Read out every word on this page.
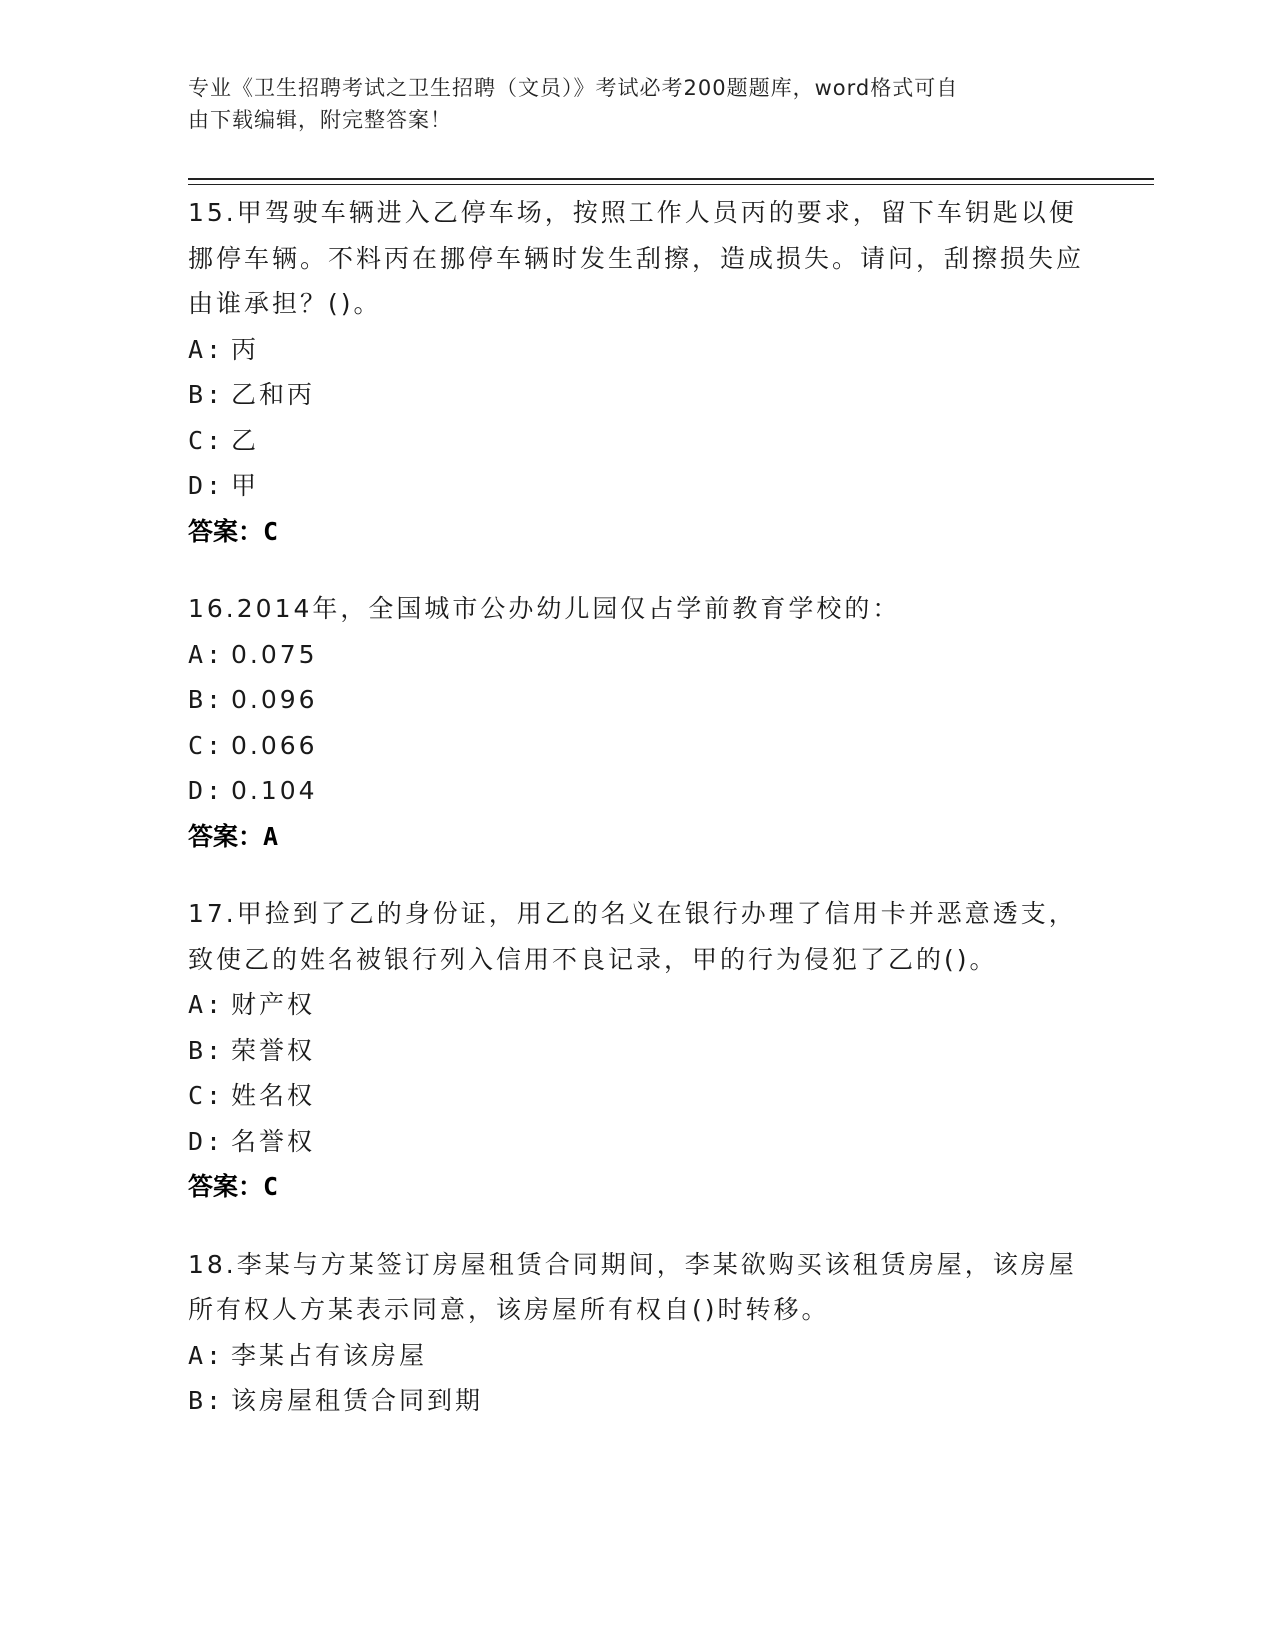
专业《卫生招聘考试之卫生招聘（文员）》考试必考200题题库，word格式可自
由下载编辑，附完整答案！
15.甲驾驶车辆进入乙停车场，按照工作人员丙的要求，留下车钥匙以便挪停车辆。不料丙在挪停车辆时发生刮擦，造成损失。请问，刮擦损失应由谁承担？()。
A: 丙
B: 乙和丙
C: 乙
D: 甲
答案：C
16.2014年，全国城市公办幼儿园仅占学前教育学校的：
A: 0.075
B: 0.096
C: 0.066
D: 0.104
答案：A
17.甲捡到了乙的身份证，用乙的名义在银行办理了信用卡并恶意透支，致使乙的姓名被银行列入信用不良记录，甲的行为侵犯了乙的()。
A: 财产权
B: 荣誉权
C: 姓名权
D: 名誉权
答案：C
18.李某与方某签订房屋租赁合同期间，李某欲购买该租赁房屋，该房屋所有权人方某表示同意，该房屋所有权自()时转移。
A: 李某占有该房屋
B: 该房屋租赁合同到期
